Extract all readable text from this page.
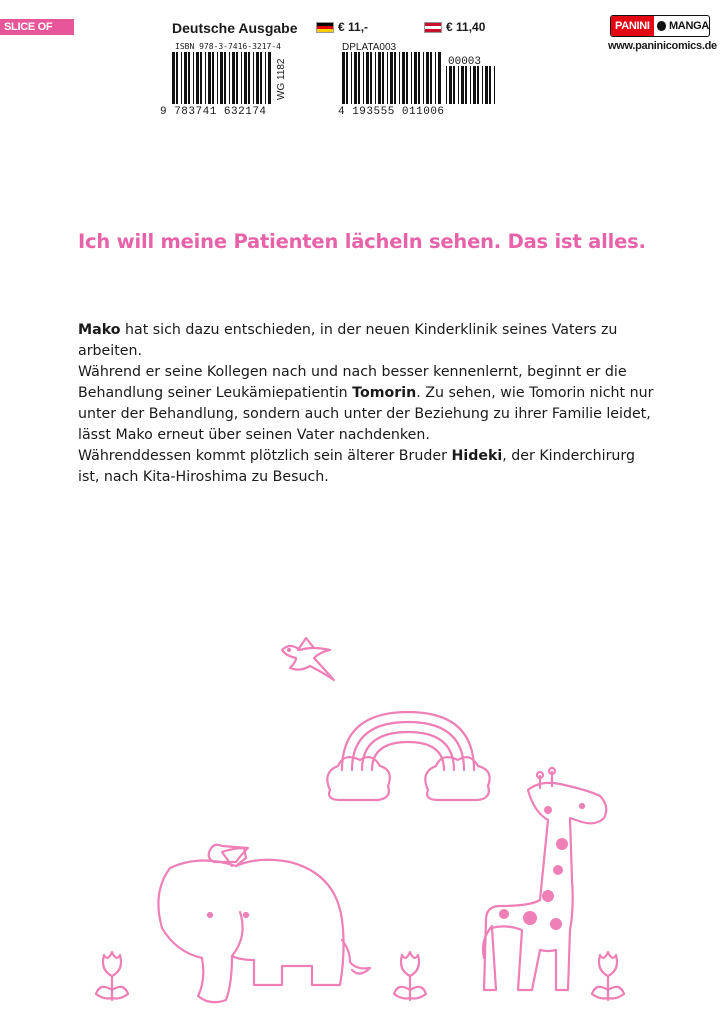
SLICE OF LIFE
Deutsche Ausgabe	€ 11,-	€ 11,40	PANINI	MANGA
www.paninicomics.de
ISBN 978-3-7416-3217-4
9 783741 632174
WG 1182
DPLATA003
00003
4 193555 011006
Ich will meine Patienten lächeln sehen. Das ist alles.

Mako hat sich dazu entschieden, in der neuen Kinderklinik seines Vaters zu arbeiten.

Während er seine Kollegen nach und nach besser kennenlernt, beginnt er die Behandlung seiner Leukämiepatientin Tomorin. Zu sehen, wie Tomorin nicht nur unter der Behandlung, sondern auch unter der Beziehung zu ihrer Familie leidet, lässt Mako erneut über seinen Vater nachdenken.

Währenddessen kommt plötzlich sein älterer Bruder Hideki, der Kinderchirurg ist, nach Kita-Hiroshima zu Besuch.
